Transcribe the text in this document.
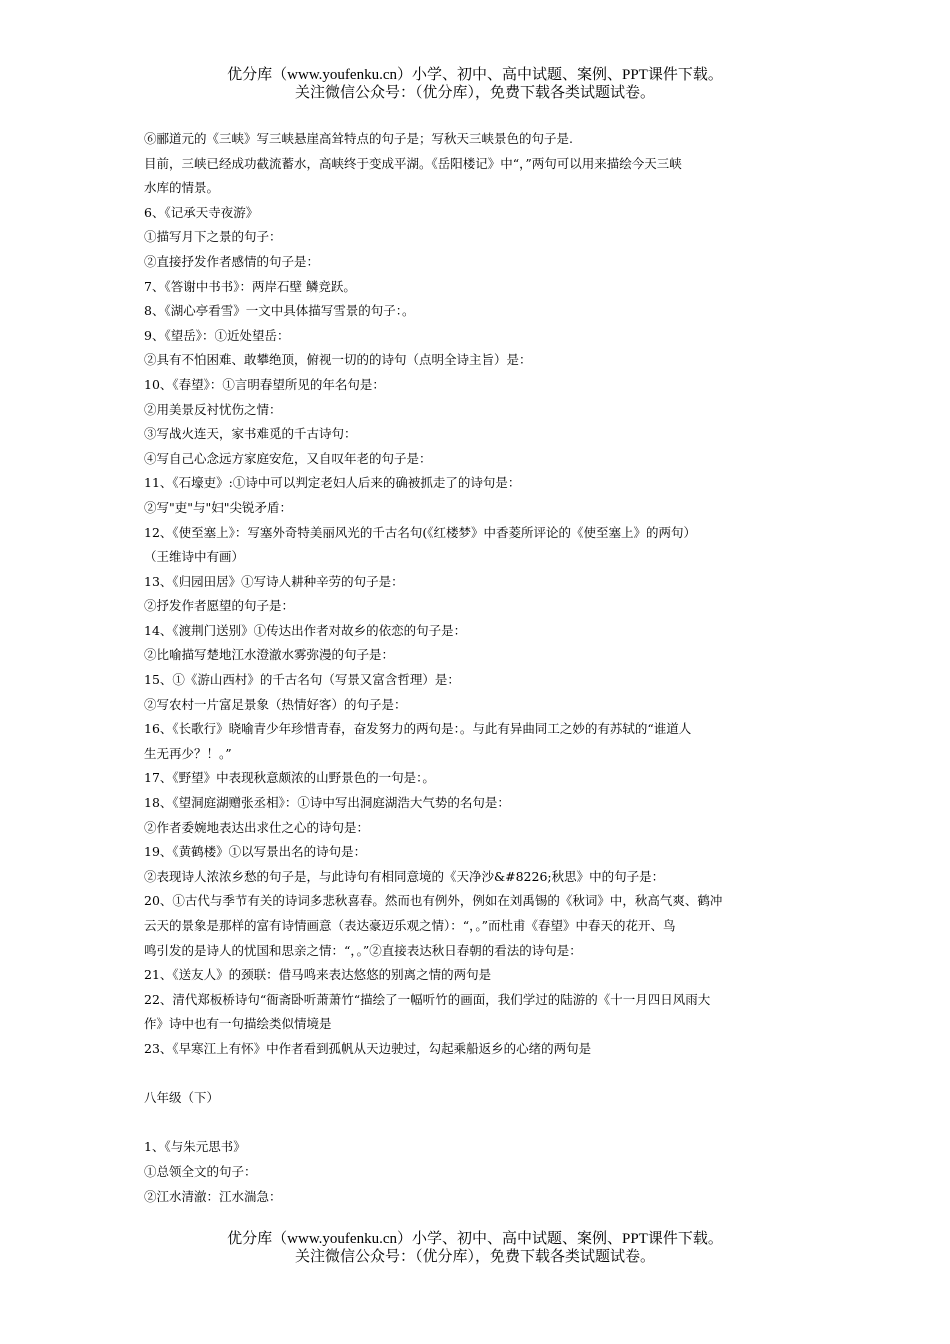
优分库（www.youfenku.cn）小学、初中、高中试题、案例、PPT课件下载。
关注微信公众号：（优分库），免费下载各类试题试卷。
⑥郦道元的《三峡》写三峡悬崖高耸特点的句子是；写秋天三峡景色的句子是.
目前，三峡已经成功截流蓄水，高峡终于变成平湖。《岳阳楼记》中“，”两句可以用来描绘今天三峡
水库的情景。
6、《记承天寺夜游》
①描写月下之景的句子：
②直接抒发作者感情的句子是：
7、《答谢中书书》：两岸石壁 鳞竞跃。
8、《湖心亭看雪》一文中具体描写雪景的句子：。
9、《望岳》：①近处望岳：
②具有不怕困难、敢攀绝顶，俯视一切的的诗句（点明全诗主旨）是：
10、《春望》：①言明春望所见的年名句是：
②用美景反衬忧伤之情：
③写战火连天，家书难觅的千古诗句：
④写自己心念远方家庭安危，又自叹年老的句子是：
11、《石壕吏》:①诗中可以判定老妇人后来的确被抓走了的诗句是：
②写"吏"与"妇"尖锐矛盾：
12、《使至塞上》：写塞外奇特美丽风光的千古名句(《红楼梦》中香菱所评论的《使至塞上》的两句）
（王维诗中有画）
13、《归园田居》①写诗人耕种辛劳的句子是：
②抒发作者愿望的句子是：
14、《渡荆门送别》①传达出作者对故乡的依恋的句子是：
②比喻描写楚地江水澄澈水雾弥漫的句子是：
15、①《游山西村》的千古名句（写景又富含哲理）是：
②写农村一片富足景象（热情好客）的句子是：
16、《长歌行》晓喻青少年珍惜青春，奋发努力的两句是：。与此有异曲同工之妙的有苏轼的“谁道人
生无再少？！。”
17、《野望》中表现秋意颇浓的山野景色的一句是：。
18、《望洞庭湖赠张丞相》：①诗中写出洞庭湖浩大气势的名句是：
②作者委婉地表达出求仕之心的诗句是：
19、《黄鹤楼》①以写景出名的诗句是：
②表现诗人浓浓乡愁的句子是，与此诗句有相同意境的《天净沙&#8226;秋思》中的句子是：
20、①古代与季节有关的诗词多悲秋喜春。然而也有例外，例如在刘禹锡的《秋词》中，秋高气爽、鹤冲
云天的景象是那样的富有诗情画意（表达豪迈乐观之情）：“，。”而杜甫《春望》中春天的花开、鸟
鸣引发的是诗人的忧国和思亲之情：“，。”②直接表达秋日春朝的看法的诗句是：
21、《送友人》的颈联：借马鸣来表达悠悠的别离之情的两句是
22、清代郑板桥诗句“衙斋卧听萧萧竹“描绘了一幅听竹的画面，我们学过的陆游的《十一月四日风雨大
作》诗中也有一句描绘类似情境是
23、《早寒江上有怀》中作者看到孤帆从天边驶过，勾起乘船返乡的心绪的两句是
八年级（下）
1、《与朱元思书》
①总领全文的句子：
②江水清澈：江水湍急：
优分库（www.youfenku.cn）小学、初中、高中试题、案例、PPT课件下载。
关注微信公众号：（优分库），免费下载各类试题试卷。
